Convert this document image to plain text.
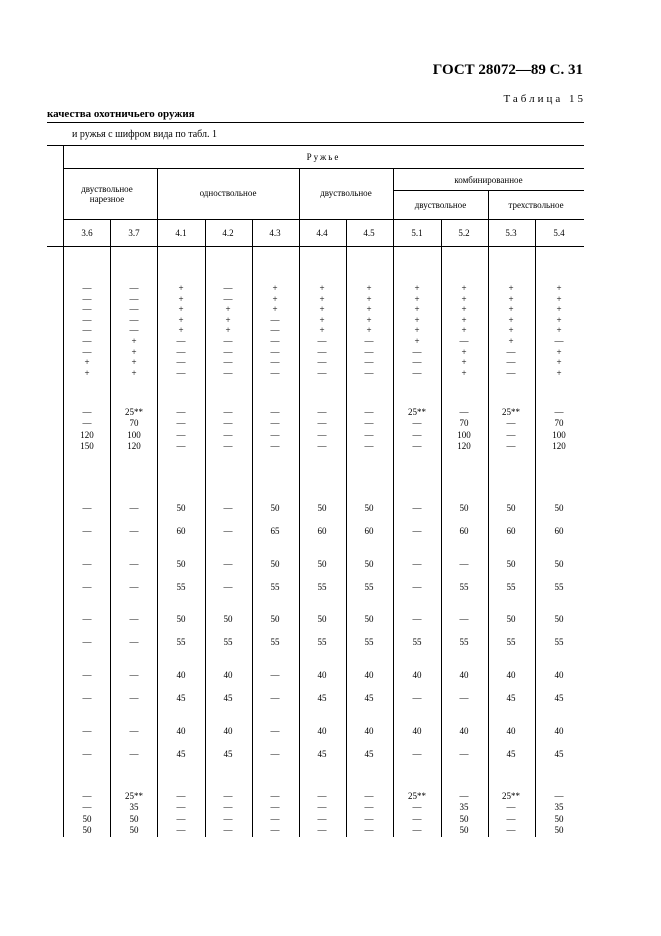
ГОСТ 28072—89 С. 31
Таблица 15
качества охотничьего оружия
и ружья с шифром вида по табл. 1
Ружье
двуствольное нарезное
одноствольное	двуствольное
комбинированное
двуствольное	трехствольное
3.6	3.7	4.1	4.2	4.3	4.4	4.5	5.1	5.2	5.3	5.4
—	—	+	—	+	+	+	+	+	+	+
—	—	+	—	+	+	+	+	+	+	+
—	—	+	+	+	+	+	+	+	+	+
—	—	+	+	—	+	+	+	+	+	+
—	—	+	+	—	+	+	+	+	+	+
—	+	—	—	—	—	—	+	—	+	—
—	+	—	—	—	—	—	—	+	—	+
+	+	—	—	—	—	—	—	+	—	+
+	+	—	—	—	—	—	—	+	—	+
—	25**	—	—	—	—	—	25**	—	25**	—
—	70	—	—	—	—	—	—	70	—	70
120	100	—	—	—	—	—	—	100	—	100
150	120	—	—	—	—	—	—	120	—	120
—	—	50	—	50	50	50	—	50	50	50
—	—	60	—	65	60	60	—	60	60	60
—	—	50	—	50	50	50	—	—	50	50
—	—	55	—	55	55	55	—	55	55	55
—	—	50	50	50	50	50	—	—	50	50
—	—	55	55	55	55	55	55	55	55	55
—	—	40	40	—	40	40	40	40	40	40
—	—	45	45	—	45	45	—	—	45	45
—	—	40	40	—	40	40	40	40	40	40
—	—	45	45	—	45	45	—	—	45	45
—	25**	—	—	—	—	—	25**	—	25**	—
—	35	—	—	—	—	—	—	35	—	35
50	50	—	—	—	—	—	—	50	—	50
50	50	—	—	—	—	—	—	50	—	50
